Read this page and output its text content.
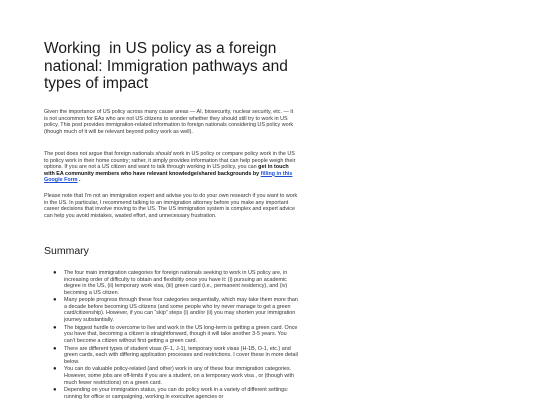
Working  in US policy as a foreign national: Immigration pathways and types of impact

Given the importance of US policy across many cause areas — AI, biosecurity, nuclear security, etc. — it is not uncommon for EAs who are not US citizens to wonder whether they should still try to work in US policy. This post provides immigration-related information to foreign nationals considering US policy work (though much of it will be relevant beyond policy work as well).

The post does not argue that foreign nationals should work in US policy or compare policy work in the US to policy work in their home country; rather, it simply provides information that can help people weigh their options. If you are not a US citizen and want to talk through working in US policy, you can get in touch with EA community members who have relevant knowledge/shared backgrounds by filling in this Google Form .

Please note that I’m not an immigration expert and advise you to do your own research if you want to work in the US. In particular, I recommend talking to an immigration attorney before you make any important career decisions that involve moving to the US. The US immigration system is complex and expert advice can help you avoid mistakes, wasted effort, and unnecessary frustration.

Summary
● The four main immigration categories for foreign nationals seeking to work in US policy are, in increasing order of difficulty to obtain and flexibility once you have it: (i) pursuing an academic degree in the US, (ii) temporary work visa, (iii) green card (i.e., permanent residency), and (iv) becoming a US citizen.
● Many people progress through these four categories sequentially, which may take them more than a decade before becoming US citizens (and some people who try never manage to get a green card/citizenship). However, if you can “skip” steps (i) and/or (ii) you may shorten your immigration journey substantially.
● The biggest hurdle to overcome to live and work in the US long-term is getting a green card. Once you have that, becoming a citizen is straightforward, though it will take another 3-5 years. You can’t become a citizen without first getting a green card.
● There are different types of student visas (F-1, J-1), temporary work visas (H-1B, O-1, etc.) and green cards, each with differing application processes and restrictions. I cover these in more detail below.
● You can do valuable policy-related (and other) work in any of these four immigration categories. However, some jobs are off-limits if you are a student, on a temporary work visa , or (though with much fewer restrictions) on a green card.
● Depending on your immigration status, you can do policy work in a variety of different settings: running for office or campaigning, working in executive agencies or
